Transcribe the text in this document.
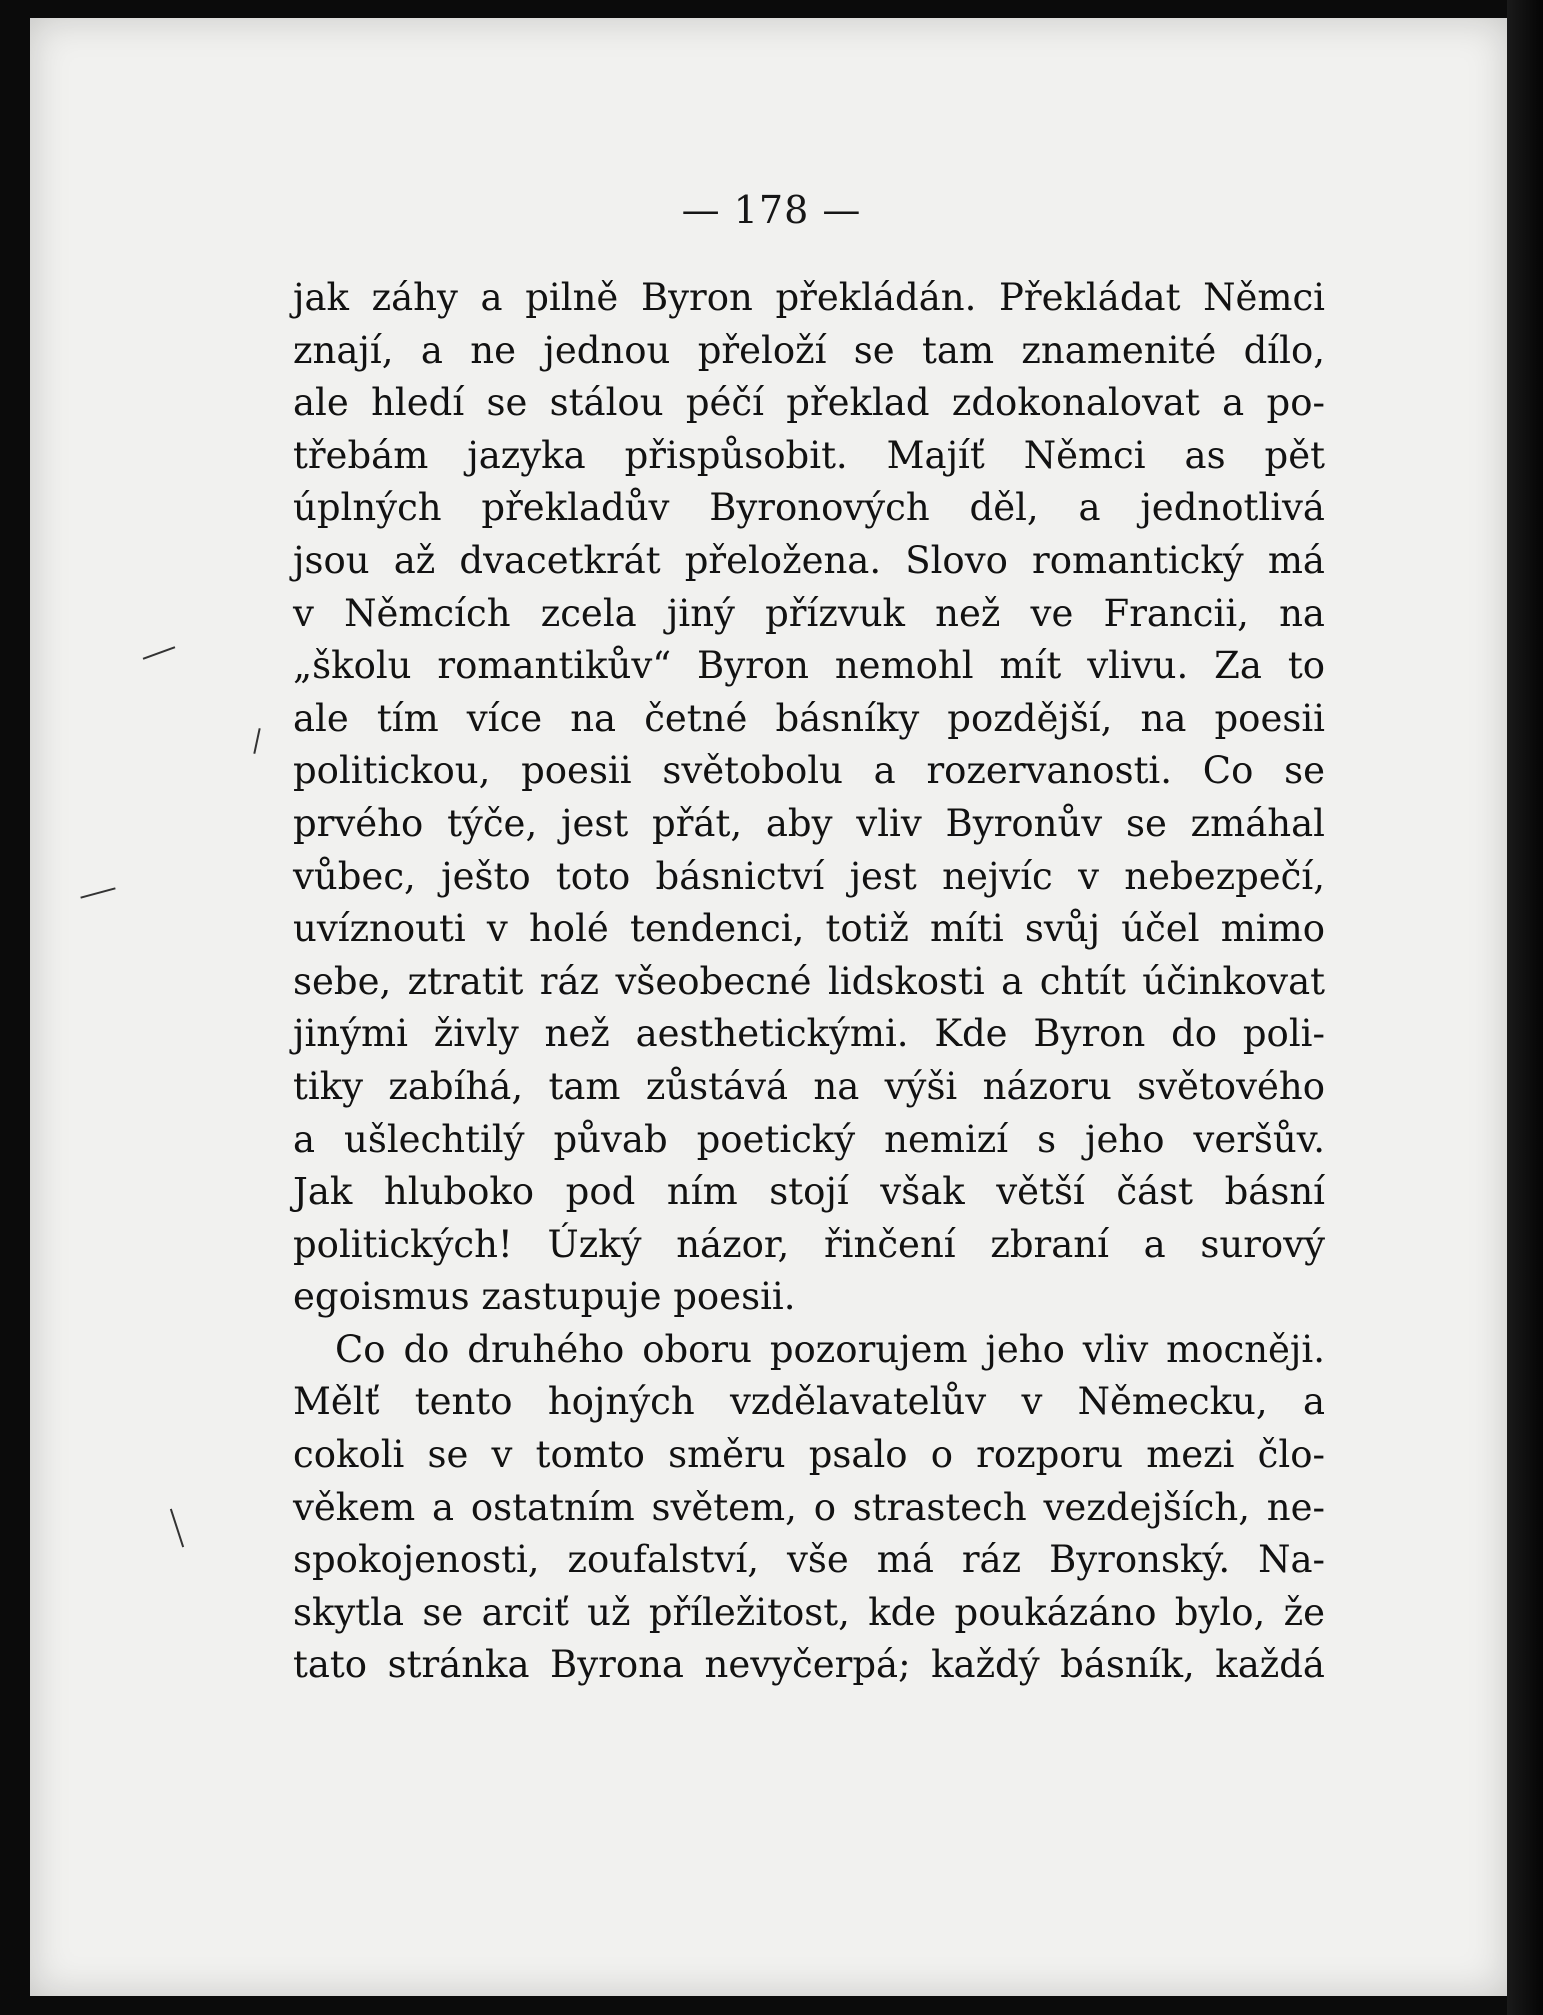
— 178 —
jak záhy a pilně Byron překládán. Překládat Němci
znají, a ne jednou přeloží se tam znamenité dílo,
ale hledí se stálou péčí překlad zdokonalovat a po-
třebám jazyka přispůsobit. Majíť Němci as pět
úplných překladův Byronových děl, a jednotlivá
jsou až dvacetkrát přeložena. Slovo romantický má
v Němcích zcela jiný přízvuk než ve Francii, na
„školu romantikův“ Byron nemohl mít vlivu. Za to
ale tím více na četné básníky pozdější, na poesii
politickou, poesii světobolu a rozervanosti. Co se
prvého týče, jest přát, aby vliv Byronův se zmáhal
vůbec, ješto toto básnictví jest nejvíc v nebezpečí,
uvíznouti v holé tendenci, totiž míti svůj účel mimo
sebe, ztratit ráz všeobecné lidskosti a chtít účinkovat
jinými živly než aesthetickými. Kde Byron do poli-
tiky zabíhá, tam zůstává na výši názoru světového
a ušlechtilý půvab poetický nemizí s jeho veršův.
Jak hluboko pod ním stojí však větší část básní
politických! Úzký názor, řinčení zbraní a surový
egoismus zastupuje poesii.
Co do druhého oboru pozorujem jeho vliv mocněji.
Mělť tento hojných vzdělavatelův v Německu, a
cokoli se v tomto směru psalo o rozporu mezi člo-
věkem a ostatním světem, o strastech vezdejších, ne-
spokojenosti, zoufalství, vše má ráz Byronský. Na-
skytla se arciť už příležitost, kde poukázáno bylo, že
tato stránka Byrona nevyčerpá; každý básník, každá
